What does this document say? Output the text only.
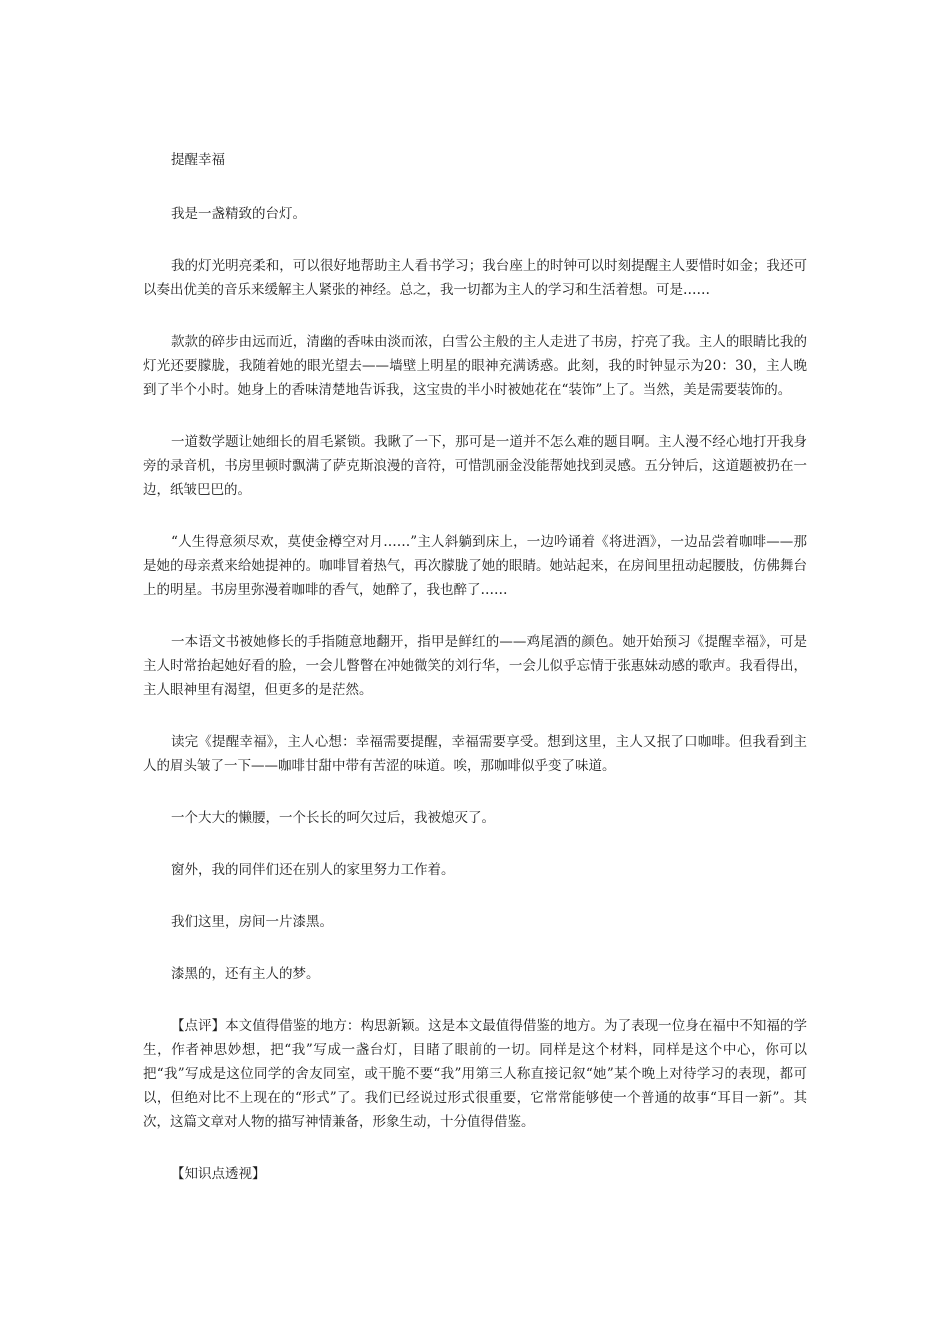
提醒幸福

我是一盏精致的台灯。

我的灯光明亮柔和，可以很好地帮助主人看书学习；我台座上的时钟可以时刻提醒主人要惜时如金；我还可以奏出优美的音乐来缓解主人紧张的神经。总之，我一切都为主人的学习和生活着想。可是……

款款的碎步由远而近，清幽的香味由淡而浓，白雪公主般的主人走进了书房，拧亮了我。主人的眼睛比我的灯光还要朦胧，我随着她的眼光望去——墙壁上明星的眼神充满诱惑。此刻，我的时钟显示为20：30，主人晚到了半个小时。她身上的香味清楚地告诉我，这宝贵的半小时被她花在“装饰”上了。当然，美是需要装饰的。

一道数学题让她细长的眉毛紧锁。我瞅了一下，那可是一道并不怎么难的题目啊。主人漫不经心地打开我身旁的录音机，书房里顿时飘满了萨克斯浪漫的音符，可惜凯丽金没能帮她找到灵感。五分钟后，这道题被扔在一边，纸皱巴巴的。

“人生得意须尽欢，莫使金樽空对月……”主人斜躺到床上，一边吟诵着《将进酒》，一边品尝着咖啡——那是她的母亲煮来给她提神的。咖啡冒着热气，再次朦胧了她的眼睛。她站起来，在房间里扭动起腰肢，仿佛舞台上的明星。书房里弥漫着咖啡的香气，她醉了，我也醉了……

一本语文书被她修长的手指随意地翻开，指甲是鲜红的——鸡尾酒的颜色。她开始预习《提醒幸福》，可是主人时常抬起她好看的脸，一会儿瞥瞥在冲她微笑的刘行华，一会儿似乎忘情于张惠妹动感的歌声。我看得出，主人眼神里有渴望，但更多的是茫然。

读完《提醒幸福》，主人心想：幸福需要提醒，幸福需要享受。想到这里，主人又抿了口咖啡。但我看到主人的眉头皱了一下——咖啡甘甜中带有苦涩的味道。唉，那咖啡似乎变了味道。

一个大大的懒腰，一个长长的呵欠过后，我被熄灭了。

窗外，我的同伴们还在别人的家里努力工作着。

我们这里，房间一片漆黑。

漆黑的，还有主人的梦。

【点评】本文值得借鉴的地方：构思新颖。这是本文最值得借鉴的地方。为了表现一位身在福中不知福的学生，作者神思妙想，把“我”写成一盏台灯，目睹了眼前的一切。同样是这个材料，同样是这个中心，你可以把“我”写成是这位同学的舍友同室，或干脆不要“我”用第三人称直接记叙“她”某个晚上对待学习的表现，都可以，但绝对比不上现在的“形式”了。我们已经说过形式很重要，它常常能够使一个普通的故事“耳目一新”。其次，这篇文章对人物的描写神情兼备，形象生动，十分值得借鉴。

【知识点透视】
